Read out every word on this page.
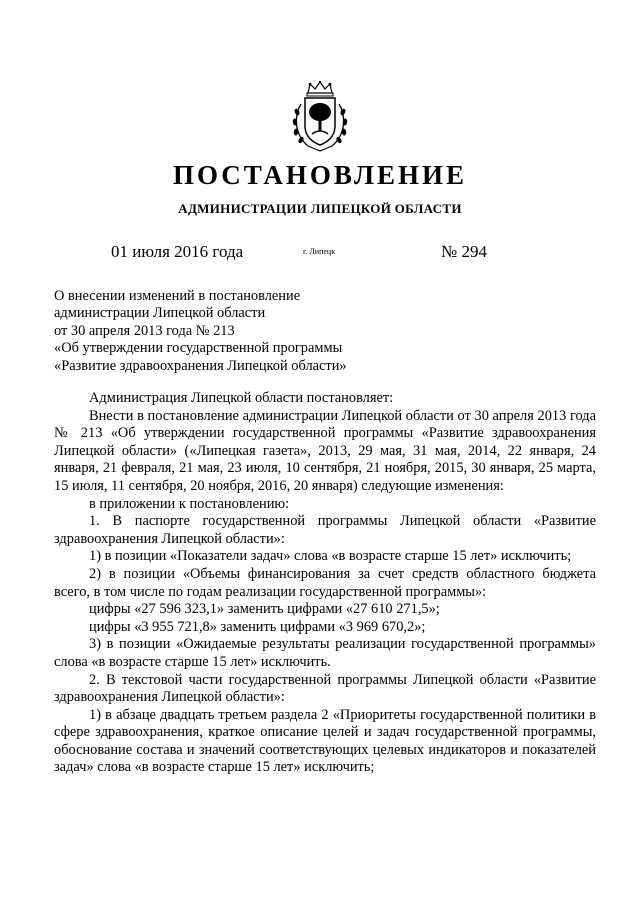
ПОСТАНОВЛЕНИЕ
АДМИНИСТРАЦИИ ЛИПЕЦКОЙ ОБЛАСТИ
01 июля 2016 года	г. Липецк	№ 294
О внесении изменений в постановление
администрации Липецкой области
от 30 апреля 2013 года № 213
«Об утверждении государственной программы
«Развитие здравоохранения Липецкой области»

Администрация Липецкой области постановляет:

Внести в постановление администрации Липецкой области от 30 апреля 2013 года № 213 «Об утверждении государственной программы «Развитие здравоохранения Липецкой области» («Липецкая газета», 2013, 29 мая, 31 мая, 2014, 22 января, 24 января, 21 февраля, 21 мая, 23 июля, 10 сентября, 21 ноября, 2015, 30 января, 25 марта, 15 июля, 11 сентября, 20 ноября, 2016, 20 января) следующие изменения:

в приложении к постановлению:

1. В паспорте государственной программы Липецкой области «Развитие здравоохранения Липецкой области»:

1) в позиции «Показатели задач» слова «в возрасте старше 15 лет» исключить;

2) в позиции «Объемы финансирования за счет средств областного бюджета всего, в том числе по годам реализации государственной программы»:

цифры «27 596 323,1» заменить цифрами «27 610 271,5»;

цифры «3 955 721,8» заменить цифрами «3 969 670,2»;

3) в позиции «Ожидаемые результаты реализации государственной программы» слова «в возрасте старше 15 лет» исключить.

2. В текстовой части государственной программы Липецкой области «Развитие здравоохранения Липецкой области»:

1) в абзаце двадцать третьем раздела 2 «Приоритеты государственной политики в сфере здравоохранения, краткое описание целей и задач государственной программы, обоснование состава и значений соответствующих целевых индикаторов и показателей задач» слова «в возрасте старше 15 лет» исключить;
